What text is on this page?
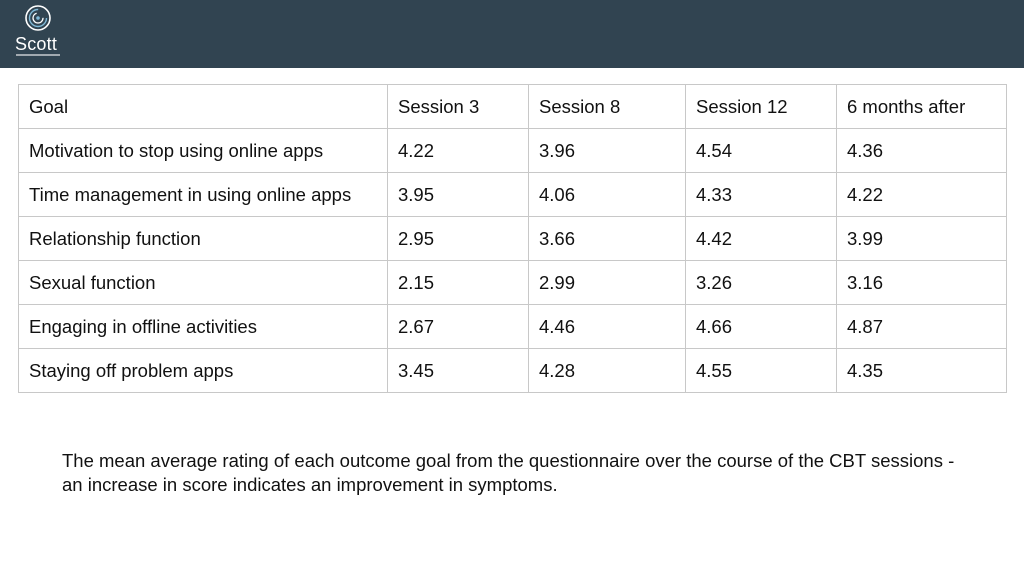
Scott
Goal	Session 3	Session 8	Session 12	6 months after
Motivation to stop using online apps	4.22	3.96	4.54	4.36
Time management in using online apps	3.95	4.06	4.33	4.22
Relationship function	2.95	3.66	4.42	3.99
Sexual function	2.15	2.99	3.26	3.16
Engaging in offline activities	2.67	4.46	4.66	4.87
Staying off problem apps	3.45	4.28	4.55	4.35
The mean average rating of each outcome goal from the questionnaire over the course of the CBT sessions - an increase in score indicates an improvement in symptoms.
